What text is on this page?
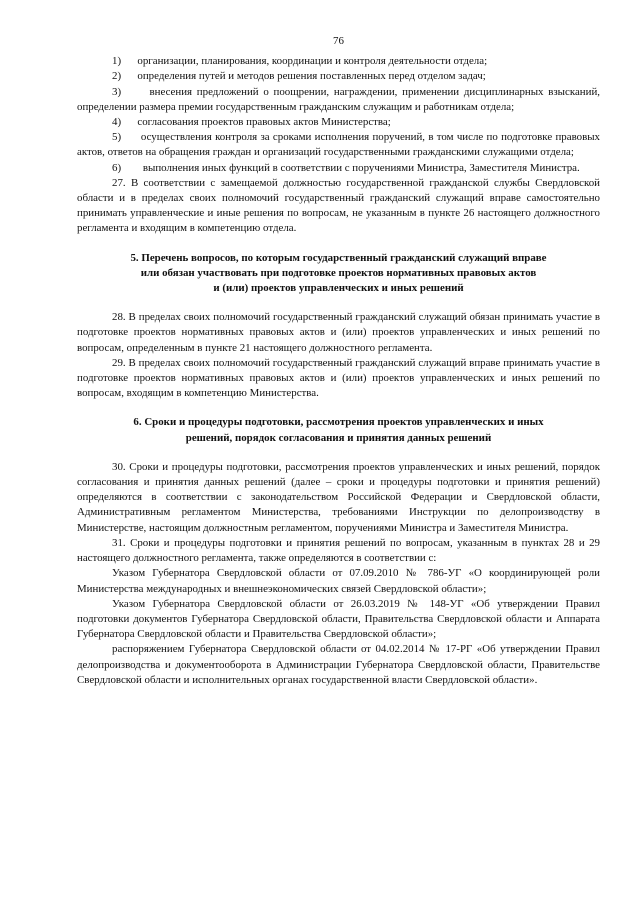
76

1)      организации, планирования, координации и контроля деятельности отдела;

2)      определения путей и методов решения поставленных перед отделом задач;

3)      внесения предложений о поощрении, награждении, применении дисциплинарных взысканий, определении размера премии государственным гражданским служащим и работникам отдела;

4)      согласования проектов правовых актов Министерства;

5)      осуществления контроля за сроками исполнения поручений, в том числе по подготовке правовых актов, ответов на обращения граждан и организаций государственными гражданскими служащими отдела;

6)        выполнения иных функций в соответствии с поручениями Министра, Заместителя Министра.

27. В соответствии с замещаемой должностью государственной гражданской службы Свердловской области и в пределах своих полномочий государственный гражданский служащий вправе самостоятельно принимать управленческие и иные решения по вопросам, не указанным в пункте 26 настоящего должностного регламента и входящим в компетенцию отдела.

5. Перечень вопросов, по которым государственный гражданский служащий вправе

или обязан участвовать при подготовке проектов нормативных правовых актов

и (или) проектов управленческих и иных решений

28. В пределах своих полномочий государственный гражданский служащий обязан принимать участие в подготовке проектов нормативных правовых актов и (или) проектов управленческих и иных решений по вопросам, определенным в пункте 21 настоящего должностного регламента.

29. В пределах своих полномочий государственный гражданский служащий вправе принимать участие в подготовке проектов нормативных правовых актов и (или) проектов управленческих и иных решений по вопросам, входящим в компетенцию Министерства.

6. Сроки и процедуры подготовки, рассмотрения проектов управленческих и иных

решений, порядок согласования и принятия данных решений

30. Сроки и процедуры подготовки, рассмотрения проектов управленческих и иных решений, порядок согласования и принятия данных решений (далее – сроки и процедуры подготовки и принятия решений) определяются в соответствии с законодательством Российской Федерации и Свердловской области, Административным регламентом Министерства, требованиями Инструкции по делопроизводству в Министерстве, настоящим должностным регламентом, поручениями Министра и Заместителя Министра.

31. Сроки и процедуры подготовки и принятия решений по вопросам, указанным в пунктах 28 и 29 настоящего должностного регламента, также определяются в соответствии с:

Указом Губернатора Свердловской области от 07.09.2010 № 786-УГ «О координирующей роли Министерства международных и внешнеэкономических связей Свердловской области»;

Указом Губернатора Свердловской области от 26.03.2019 № 148-УГ «Об утверждении Правил подготовки документов Губернатора Свердловской области, Правительства Свердловской области и Аппарата Губернатора Свердловской области и Правительства Свердловской области»;

распоряжением Губернатора Свердловской области от 04.02.2014 № 17-РГ «Об утверждении Правил делопроизводства и документооборота в Администрации Губернатора Свердловской области, Правительстве Свердловской области и исполнительных органах государственной власти Свердловской области».
